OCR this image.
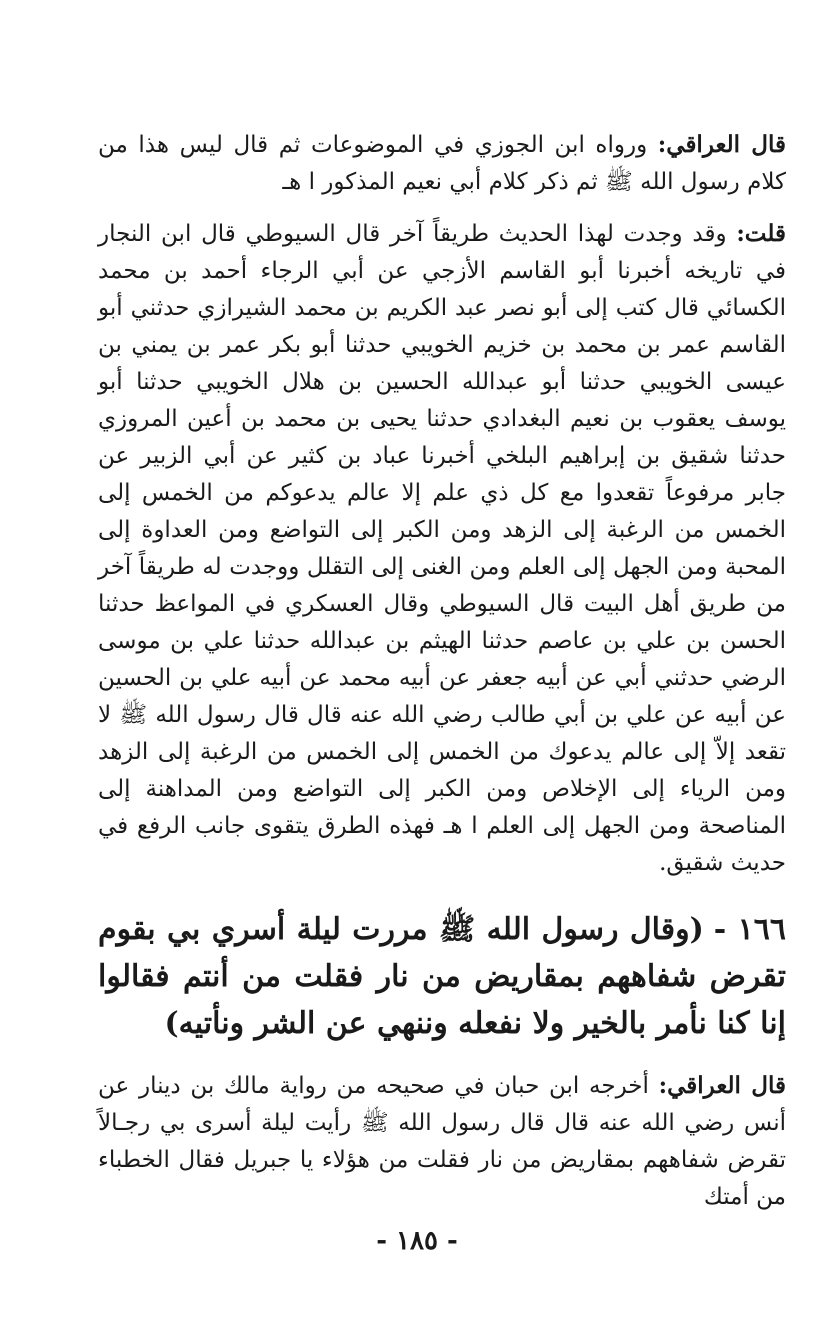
قال العراقي: ورواه ابن الجوزي في الموضوعات ثم قال ليس هذا من كلام رسول الله ﷺ ثم ذكر كلام أبي نعيم المذكور ا هـ

قلت: وقد وجدت لهذا الحديث طريقاً آخر قال السيوطي قال ابن النجار في تاريخه أخبرنا أبو القاسم الأزجي عن أبي الرجاء أحمد بن محمد الكسائي قال كتب إلى أبو نصر عبد الكريم بن محمد الشيرازي حدثني أبو القاسم عمر بن محمد بن خزيم الخويبي حدثنا أبو بكر عمر بن يمني بن عيسى الخويبي حدثنا أبو عبدالله الحسين بن هلال الخويبي حدثنا أبو يوسف يعقوب بن نعيم البغدادي حدثنا يحيى بن محمد بن أعين المروزي حدثنا شقيق بن إبراهيم البلخي أخبرنا عباد بن كثير عن أبي الزبير عن جابر مرفوعاً تقعدوا مع كل ذي علم إلا عالم يدعوكم من الخمس إلى الخمس من الرغبة إلى الزهد ومن الكبر إلى التواضع ومن العداوة إلى المحبة ومن الجهل إلى العلم ومن الغنى إلى التقلل ووجدت له طريقاً آخر من طريق أهل البيت قال السيوطي وقال العسكري في المواعظ حدثنا الحسن بن علي بن عاصم حدثنا الهيثم بن عبدالله حدثنا علي بن موسى الرضي حدثني أبي عن أبيه جعفر عن أبيه محمد عن أبيه علي بن الحسين عن أبيه عن علي بن أبي طالب رضي الله عنه قال قال رسول الله ﷺ لا تقعد إلاّ إلى عالم يدعوك من الخمس إلى الخمس من الرغبة إلى الزهد ومن الرياء إلى الإخلاص ومن الكبر إلى التواضع ومن المداهنة إلى المناصحة ومن الجهل إلى العلم ا هـ فهذه الطرق يتقوى جانب الرفع في حديث شقيق.

١٦٦ -(وقال رسول الله ﷺ مررت ليلة أسري بي بقوم تقرض شفاههم بمقاريض من نار فقلت من أنتم فقالوا إنا كنا نأمر بالخير ولا نفعله وننهي عن الشر ونأتيه)

قال العراقي: أخرجه ابن حبان في صحيحه من رواية مالك بن دينار عن أنس رضي الله عنه قال قال رسول الله ﷺ رأيت ليلة أسرى بي رجـالاً تقرض شفاههم بمقاريض من نار فقلت من هؤلاء يا جبريل فقال الخطباء من أمتك

- ١٨٥ -
